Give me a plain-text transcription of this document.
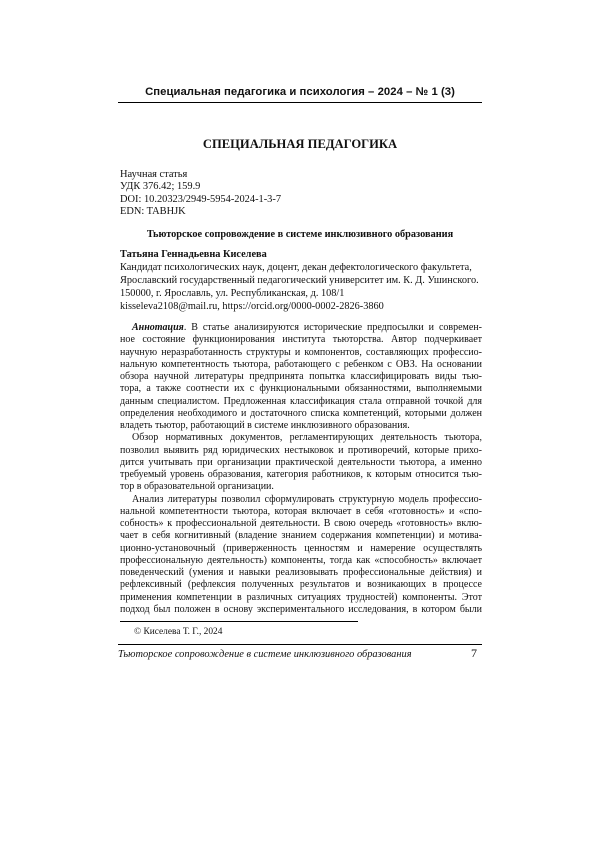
Специальная педагогика и психология – 2024 – № 1 (3)
СПЕЦИАЛЬНАЯ ПЕДАГОГИКА
Научная статья
УДК 376.42; 159.9
DOI: 10.20323/2949-5954-2024-1-3-7
EDN: TABHJK
Тьюторское сопровождение в системе инклюзивного образования
Татьяна Геннадьевна Киселева
Кандидат психологических наук, доцент, декан дефектологического факультета,
Ярославский государственный педагогический университет им. К. Д. Ушинского.
150000, г. Ярославль, ул. Республиканская, д. 108/1
kisseleva2108@mail.ru, https://orcid.org/0000-0002-2826-3860
Аннотация. В статье анализируются исторические предпосылки и современ-
ное состояние функционирования института тьюторства. Автор подчеркивает
научную неразработанность структуры и компонентов, составляющих профессио-
нальную компетентность тьютора, работающего с ребенком с ОВЗ. На основании
обзора научной литературы предпринята попытка классифицировать виды тью-
тора, а также соотнести их с функциональными обязанностями, выполняемыми
данным специалистом. Предложенная классификация стала отправной точкой для
определения необходимого и достаточного списка компетенций, которыми должен
владеть тьютор, работающий в системе инклюзивного образования.
Обзор нормативных документов, регламентирующих деятельность тьютора,
позволил выявить ряд юридических нестыковок и противоречий, которые прихо-
дится учитывать при организации практической деятельности тьютора, а именно
требуемый уровень образования, категория работников, к которым относится тью-
тор в образовательной организации.
Анализ литературы позволил сформулировать структурную модель профессио-
нальной компетентности тьютора, которая включает в себя «готовность» и «спо-
собность» к профессиональной деятельности. В свою очередь «готовность» вклю-
чает в себя когнитивный (владение знанием содержания компетенции) и мотива-
ционно-установочный (приверженность ценностям и намерение осуществлять
профессиональную деятельность) компоненты, тогда как «способность» включает
поведенческий (умения и навыки реализовывать профессиональные действия) и
рефлексивный (рефлексия полученных результатов и возникающих в процессе
применения компетенции в различных ситуациях трудностей) компоненты. Этот
подход был положен в основу экспериментального исследования, в котором были
© Киселева Т. Г., 2024
Тьюторское сопровождение в системе инклюзивного образования	7
